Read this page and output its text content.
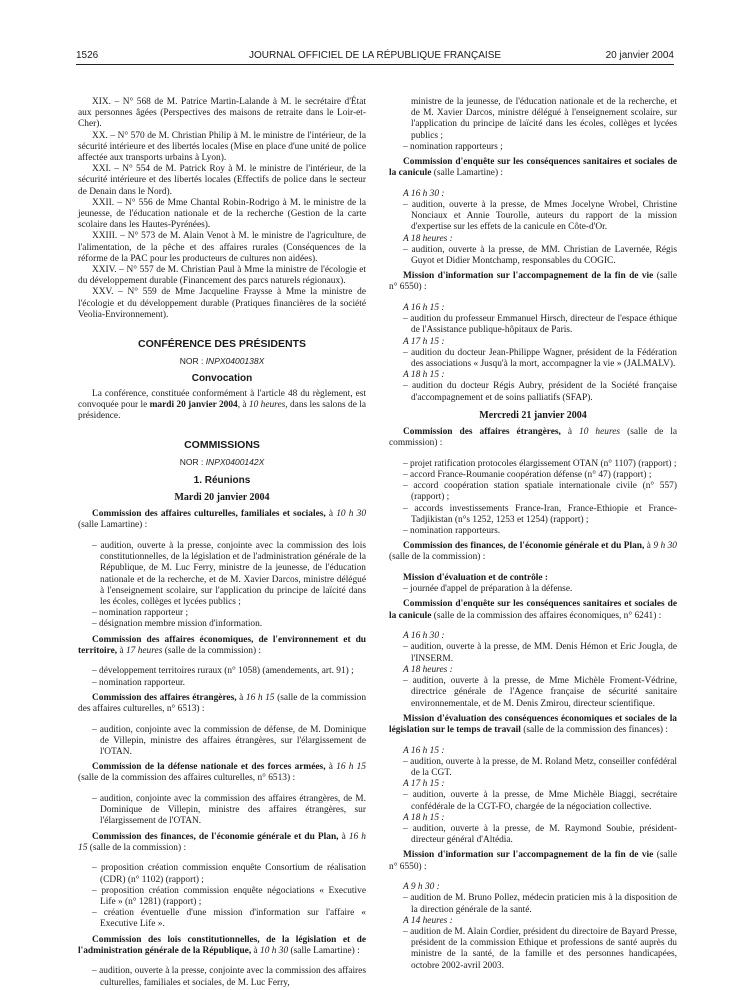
1526	JOURNAL OFFICIEL DE LA RÉPUBLIQUE FRANÇAISE	20 janvier 2004

XIX. – N° 568 de M. Patrice Martin-Lalande à M. le secrétaire d'État aux personnes âgées (Perspectives des maisons de retraite dans le Loir-et-Cher).

XX. – N° 570 de M. Christian Philip à M. le ministre de l'intérieur, de la sécurité intérieure et des libertés locales (Mise en place d'une unité de police affectée aux transports urbains à Lyon).

XXI. – N° 554 de M. Patrick Roy à M. le ministre de l'intérieur, de la sécurité intérieure et des libertés locales (Effectifs de police dans le secteur de Denain dans le Nord).

XXII. – N° 556 de Mme Chantal Robin-Rodrigo à M. le ministre de la jeunesse, de l'éducation nationale et de la recherche (Gestion de la carte scolaire dans les Hautes-Pyrénées).

XXIII. – N° 573 de M. Alain Venot à M. le ministre de l'agriculture, de l'alimentation, de la pêche et des affaires rurales (Conséquences de la réforme de la PAC pour les producteurs de cultures non aidées).

XXIV. – N° 557 de M. Christian Paul à Mme la ministre de l'écologie et du développement durable (Financement des parcs naturels régionaux).

XXV. – N° 559 de Mme Jacqueline Fraysse à Mme la ministre de l'écologie et du développement durable (Pratiques financières de la société Veolia-Environnement).

CONFÉRENCE DES PRÉSIDENTS
NOR : INPX0400138X
Convocation

La conférence, constituée conformément à l'article 48 du règlement, est convoquée pour le mardi 20 janvier 2004, à 10 heures, dans les salons de la présidence.

COMMISSIONS
NOR : INPX0400142X
1. Réunions
Mardi 20 janvier 2004

Commission des affaires culturelles, familiales et sociales, à 10 h 30 (salle Lamartine) :

– audition, ouverte à la presse, conjointe avec la commission des lois constitutionnelles, de la législation et de l'administration générale de la République, de M. Luc Ferry, ministre de la jeunesse, de l'éducation nationale et de la recherche, et de M. Xavier Darcos, ministre délégué à l'enseignement scolaire, sur l'application du principe de laïcité dans les écoles, collèges et lycées publics ;

– nomination rapporteur ;

– désignation membre mission d'information.

Commission des affaires économiques, de l'environnement et du territoire, à 17 heures (salle de la commission) :

– développement territoires ruraux (n° 1058) (amendements, art. 91) ;

– nomination rapporteur.

Commission des affaires étrangères, à 16 h 15 (salle de la commission des affaires culturelles, n° 6513) :

– audition, conjointe avec la commission de défense, de M. Dominique de Villepin, ministre des affaires étrangères, sur l'élargissement de l'OTAN.

Commission de la défense nationale et des forces armées, à 16 h 15 (salle de la commission des affaires culturelles, n° 6513) :

– audition, conjointe avec la commission des affaires étrangères, de M. Dominique de Villepin, ministre des affaires étrangères, sur l'élargissement de l'OTAN.

Commission des finances, de l'économie générale et du Plan, à 16 h 15 (salle de la commission) :

– proposition création commission enquête Consortium de réalisation (CDR) (n° 1102) (rapport) ;

– proposition création commission enquête négociations « Executive Life » (n° 1281) (rapport) ;

– création éventuelle d'une mission d'information sur l'affaire « Executive Life ».

Commission des lois constitutionnelles, de la législation et de l'administration générale de la République, à 10 h 30 (salle Lamartine) :

– audition, ouverte à la presse, conjointe avec la commission des affaires culturelles, familiales et sociales, de M. Luc Ferry,

ministre de la jeunesse, de l'éducation nationale et de la recherche, et de M. Xavier Darcos, ministre délégué à l'enseignement scolaire, sur l'application du principe de laïcité dans les écoles, collèges et lycées publics ;

– nomination rapporteurs ;

Commission d'enquête sur les conséquences sanitaires et sociales de la canicule (salle Lamartine) :

A 16 h 30 :

– audition, ouverte à la presse, de Mmes Jocelyne Wrobel, Christine Nonciaux et Annie Tourolle, auteurs du rapport de la mission d'expertise sur les effets de la canicule en Côte-d'Or.

A 18 heures :

– audition, ouverte à la presse, de MM. Christian de Lavernée, Régis Guyot et Didier Montchamp, responsables du COGIC.

Mission d'information sur l'accompagnement de la fin de vie (salle n° 6550) :

A 16 h 15 :

– audition du professeur Emmanuel Hirsch, directeur de l'espace éthique de l'Assistance publique-hôpitaux de Paris.

A 17 h 15 :

– audition du docteur Jean-Philippe Wagner, président de la Fédération des associations « Jusqu'à la mort, accompagner la vie » (JALMALV).

A 18 h 15 :

– audition du docteur Régis Aubry, président de la Société française d'accompagnement et de soins palliatifs (SFAP).

Mercredi 21 janvier 2004

Commission des affaires étrangères, à 10 heures (salle de la commission) :

– projet ratification protocoles élargissement OTAN (n° 1107) (rapport) ;

– accord France-Roumanie coopération défense (n° 47) (rapport) ;

– accord coopération station spatiale internationale civile (n° 557) (rapport) ;

– accords investissements France-Iran, France-Ethiopie et France-Tadjikistan (n°s 1252, 1253 et 1254) (rapport) ;

– nomination rapporteurs.

Commission des finances, de l'économie générale et du Plan, à 9 h 30 (salle de la commission) :

Mission d'évaluation et de contrôle :

– journée d'appel de préparation à la défense.

Commission d'enquête sur les conséquences sanitaires et sociales de la canicule (salle de la commission des affaires économiques, n° 6241) :

A 16 h 30 :

– audition, ouverte à la presse, de MM. Denis Hémon et Eric Jougla, de l'INSERM.

A 18 heures :

– audition, ouverte à la presse, de Mme Michèle Froment-Védrine, directrice générale de l'Agence française de sécurité sanitaire environnementale, et de M. Denis Zmirou, directeur scientifique.

Mission d'évaluation des conséquences économiques et sociales de la législation sur le temps de travail (salle de la commission des finances) :

A 16 h 15 :

– audition, ouverte à la presse, de M. Roland Metz, conseiller confédéral de la CGT.

A 17 h 15 :

– audition, ouverte à la presse, de Mme Michèle Biaggi, secrétaire confédérale de la CGT-FO, chargée de la négociation collective.

A 18 h 15 :

– audition, ouverte à la presse, de M. Raymond Soubie, président-directeur général d'Altédia.

Mission d'information sur l'accompagnement de la fin de vie (salle n° 6550) :

A 9 h 30 :

– audition de M. Bruno Pollez, médecin praticien mis à la disposition de la direction générale de la santé.

A 14 heures :

– audition de M. Alain Cordier, président du directoire de Bayard Presse, président de la commission Ethique et professions de santé auprès du ministre de la santé, de la famille et des personnes handicapées, octobre 2002-avril 2003.
